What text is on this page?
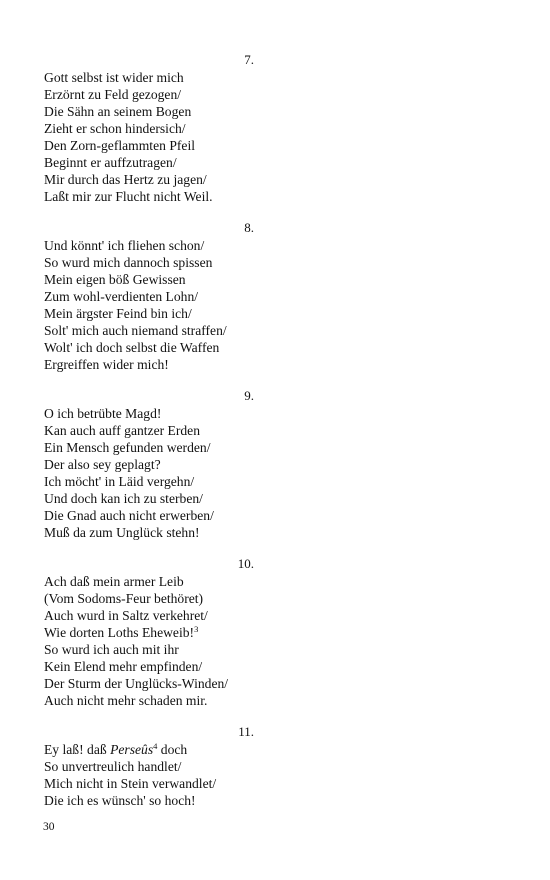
7.
Gott selbst ist wider mich
Erzörnt zu Feld gezogen/
Die Sähn an seinem Bogen
Zieht er schon hindersich/
Den Zorn-geflammten Pfeil
Beginnt er auffzutragen/
Mir durch das Hertz zu jagen/
Laßt mir zur Flucht nicht Weil.
8.
Und könnt' ich fliehen schon/
So wurd mich dannoch spissen
Mein eigen böß Gewissen
Zum wohl-verdienten Lohn/
Mein ärgster Feind bin ich/
Solt' mich auch niemand straffen/
Wolt' ich doch selbst die Waffen
Ergreiffen wider mich!
9.
O ich betrübte Magd!
Kan auch auff gantzer Erden
Ein Mensch gefunden werden/
Der also sey geplagt?
Ich möcht' in Läid vergehn/
Und doch kan ich zu sterben/
Die Gnad auch nicht erwerben/
Muß da zum Unglück stehn!
10.
Ach daß mein armer Leib
(Vom Sodoms-Feur bethöret)
Auch wurd in Saltz verkehret/
Wie dorten Loths Eheweib!$^3$
So wurd ich auch mit ihr
Kein Elend mehr empfinden/
Der Sturm der Unglücks-Winden/
Auch nicht mehr schaden mir.
11.
Ey laß! daß Perseûs$^4$ doch
So unvertreulich handlet/
Mich nicht in Stein verwandlet/
Die ich es wünsch' so hoch!
30
